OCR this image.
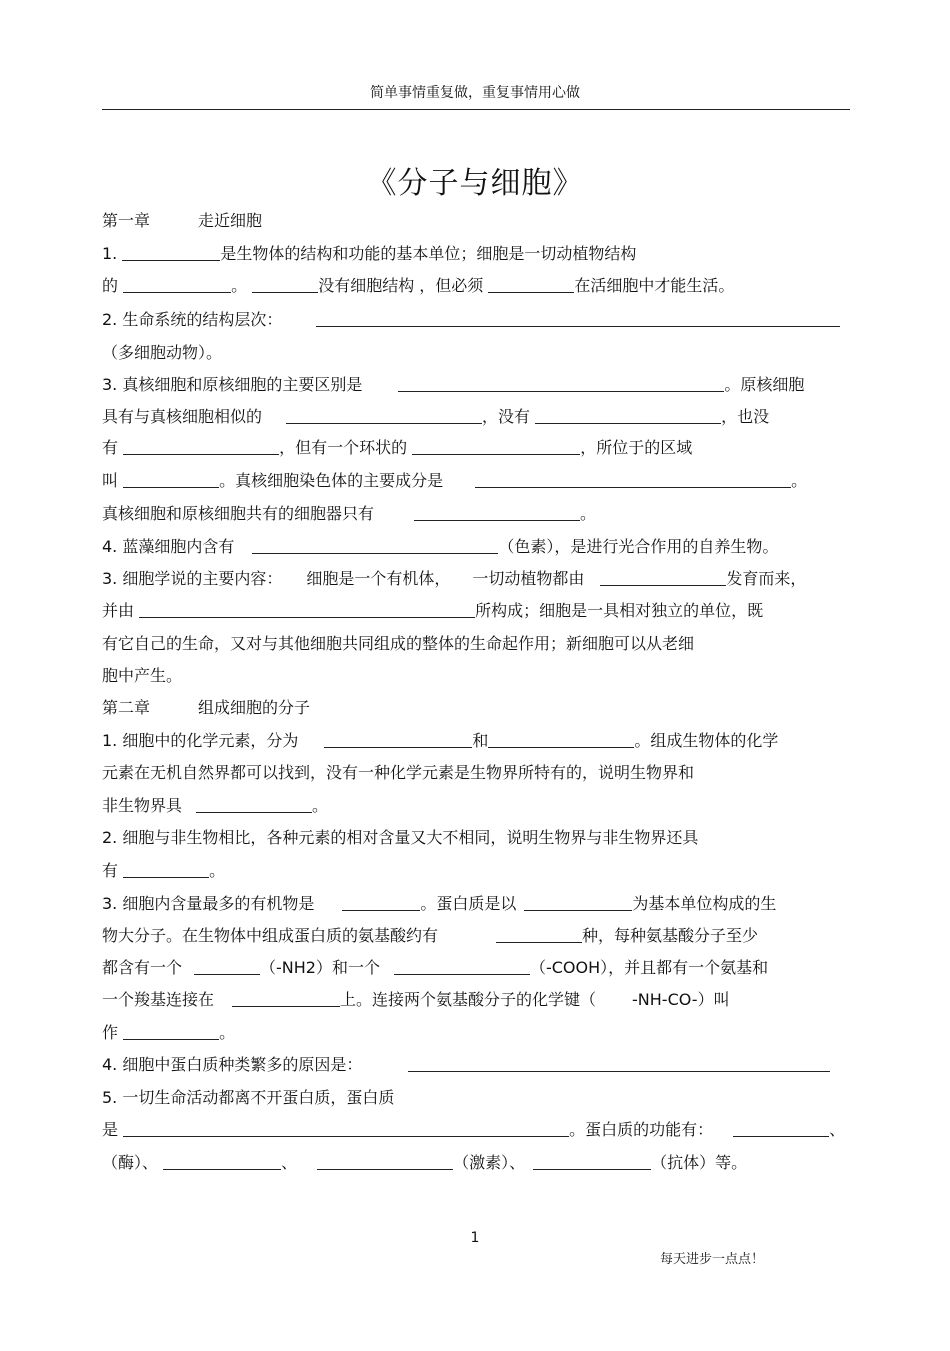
简单事情重复做，重复事情用心做
《分子与细胞》
第一章	走近细胞
1.	是生物体的结构和功能的基本单位；细胞是一切动植物结构
的	。	没有细胞结构 ，但必须	在活细胞中才能生活。
2. 生命系统的结构层次：
（多细胞动物）。
3. 真核细胞和原核细胞的主要区别是	。原核细胞
具有与真核细胞相似的	，没有	，也没
有	，但有一个环状的	，所位于的区域
叫	。真核细胞染色体的主要成分是	。
真核细胞和原核细胞共有的细胞器只有	。
4. 蓝藻细胞内含有	（色素），是进行光合作用的自养生物。
3. 细胞学说的主要内容： 细胞是一个有机体， 一切动植物都由	发育而来，
并由	所构成；细胞是一具相对独立的单位，既
有它自己的生命，又对与其他细胞共同组成的整体的生命起作用；新细胞可以从老细
胞中产生。
第二章	组成细胞的分子
1. 细胞中的化学元素，分为	和	。组成生物体的化学
元素在无机自然界都可以找到，没有一种化学元素是生物界所特有的，说明生物界和
非生物界具	。
2. 细胞与非生物相比，各种元素的相对含量又大不相同，说明生物界与非生物界还具
有	。
3. 细胞内含量最多的有机物是	。蛋白质是以	为基本单位构成的生
物大分子。在生物体中组成蛋白质的氨基酸约有	种，每种氨基酸分子至少
都含有一个	（-NH2）和一个	（-COOH），并且都有一个氨基和
一个羧基连接在	上。连接两个氨基酸分子的化学键（ -NH-CO-）叫
作	。
4. 细胞中蛋白质种类繁多的原因是：
5. 一切生命活动都离不开蛋白质，蛋白质
是	。蛋白质的功能有：	、
（酶）、	、	（激素）、	（抗体）等。
1
每天进步一点点！
